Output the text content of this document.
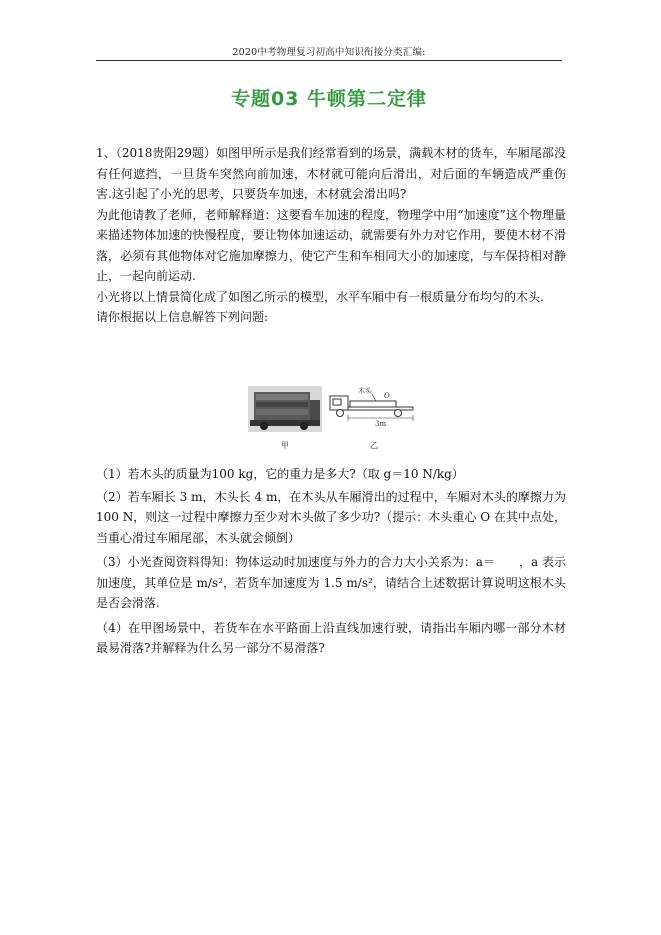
2020中考物理复习初高中知识衔接分类汇编:
专题03 牛顿第二定律

1、（2018贵阳29题）如图甲所示是我们经常看到的场景，满载木材的货车，车厢尾部没有任何遮挡，一旦货车突然向前加速，木材就可能向后滑出，对后面的车辆造成严重伤害.这引起了小光的思考，只要货车加速，木材就会滑出吗?

为此他请教了老师，老师解释道：这要看车加速的程度，物理学中用“加速度”这个物理量来描述物体加速的快慢程度，要让物体加速运动，就需要有外力对它作用，要使木材不滑落，必须有其他物体对它施加摩擦力，使它产生和车相同大小的加速度，与车保持相对静止，一起向前运动.

小光将以上情景简化成了如图乙所示的模型，水平车厢中有一根质量分布均匀的木头.

请你根据以上信息解答下列问题:

木头
O
3m
甲	乙

（1）若木头的质量为100 kg，它的重力是多大?（取 g＝10 N/kg）

（2）若车厢长 3 m，木头长 4 m，在木头从车厢滑出的过程中，车厢对木头的摩擦力为 100 N，则这一过程中摩擦力至少对木头做了多少功?（提示：木头重心 O 在其中点处，当重心滑过车厢尾部，木头就会倾倒）

（3）小光查阅资料得知：物体运动时加速度与外力的合力大小关系为：a＝　　，a 表示加速度，其单位是 m/s²，若货车加速度为 1.5 m/s²，请结合上述数据计算说明这根木头是否会滑落.

（4）在甲图场景中，若货车在水平路面上沿直线加速行驶，请指出车厢内哪一部分木材最易滑落?并解释为什么另一部分不易滑落?
